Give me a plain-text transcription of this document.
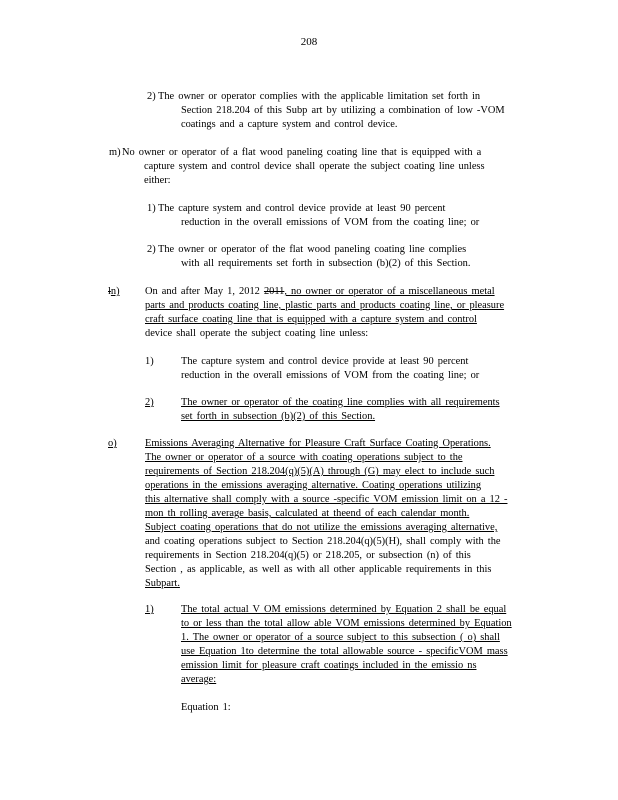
208
2) The owner or operator complies with the applicable limitation set forth in
Section 218.204 of this Subp art by utilizing a combination of low -VOM
coatings and a capture system and control device.
m) No owner or operator of a flat wood paneling coating line that is equipped with a
capture system and control device shall operate the subject coating line unless
either:
1) The capture system and control device provide at least 90 percent
reduction in the overall emissions of VOM from the coating line; or
2) The owner or operator of the flat wood paneling coating line complies
with all requirements set forth in subsection (b)(2) of this Section.
ln) On and after May 1, 2012 2011, no owner or operator of a miscellaneous metal
parts and products coating line, plastic parts and products coating line, or pleasure
craft surface coating line that is equipped with a capture system and control
device shall operate the subject coating line unless:
1)	The capture system and control device provide at least 90 percent
reduction in the overall emissions of VOM from the coating line; or
2)	The owner or operator of the coating line complies with all requirements
set forth in subsection (b)(2) of this Section.
o)	Emissions Averaging Alternative for Pleasure Craft Surface Coating Operations.
The owner or operator of a source with coating operations subject to the
requirements of Section 218.204(q)(5)(A) through (G) may elect to include such
operations in the emissions averaging alternative. Coating operations utilizing
this alternative shall comply with a source -specific VOM emission limit on a 12 -
mon th rolling average basis, calculated at theend of each calendar month.
Subject coating operations that do not utilize the emissions averaging alternative,
and coating operations subject to Section 218.204(q)(5)(H), shall comply with the
requirements in Section 218.204(q)(5) or 218.205, or subsection (n) of this
Section , as applicable, as well as with all other applicable requirements in this
Subpart.
1)	The total actual V OM emissions determined by Equation 2 shall be equal
to or less than the total allow able VOM emissions determined by Equation
1. The owner or operator of a source subject to this subsection ( o) shall
use Equation 1to determine the total allowable source - specificVOM mass
emission limit for pleasure craft coatings included in the emissio ns
average:
Equation 1:
